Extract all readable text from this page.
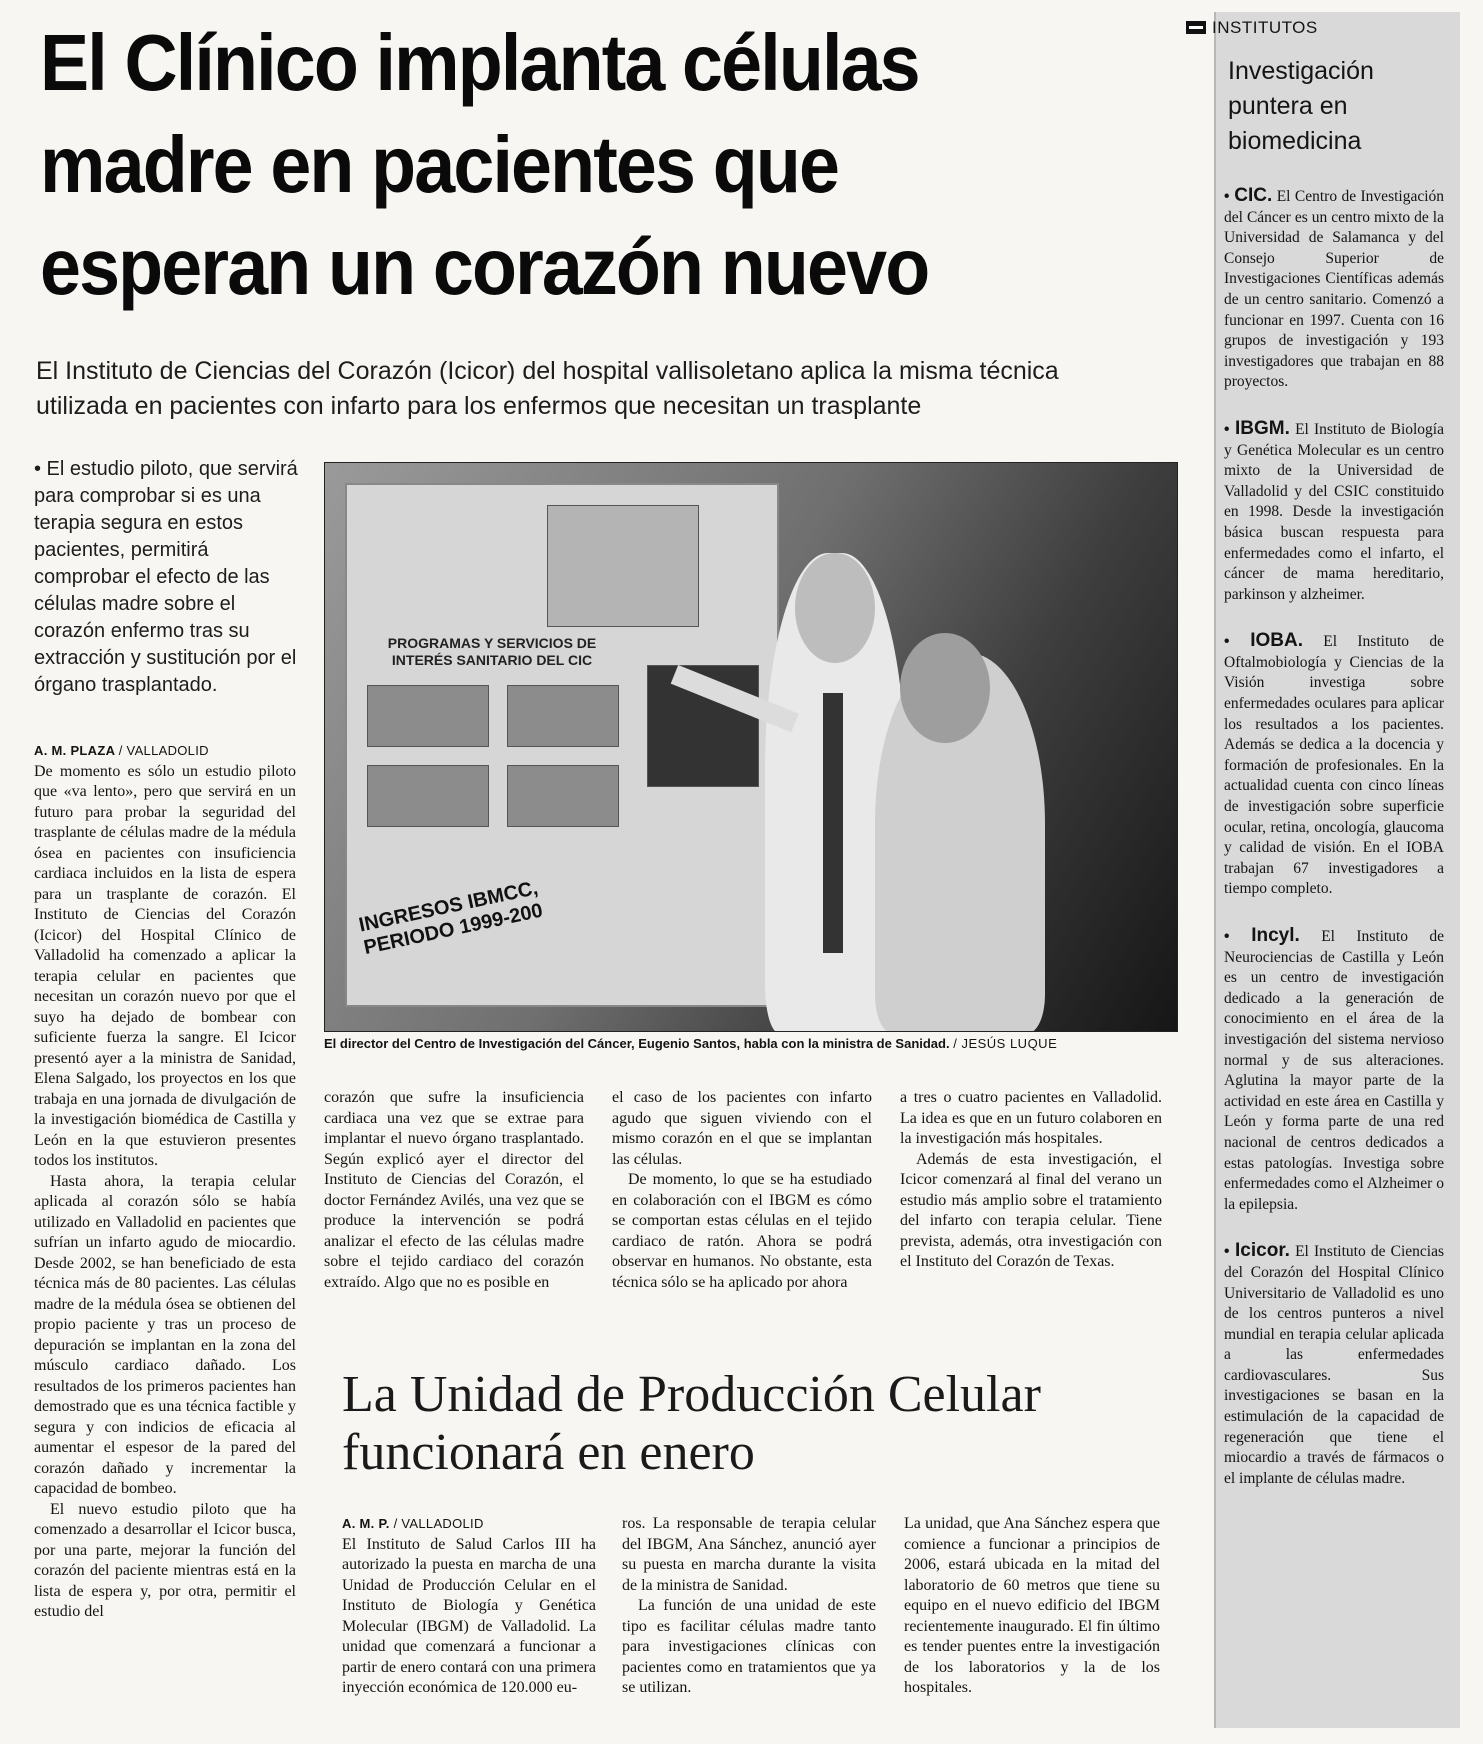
El Clínico implanta células madre en pacientes que esperan un corazón nuevo

El Instituto de Ciencias del Corazón (Icicor) del hospital vallisoletano aplica la misma técnica utilizada en pacientes con infarto para los enfermos que necesitan un trasplante

• El estudio piloto, que servirá para comprobar si es una terapia segura en estos pacientes, permitirá comprobar el efecto de las células madre sobre el corazón enfermo tras su extracción y sustitución por el órgano trasplantado.

A. M. PLAZA / VALLADOLID

De momento es sólo un estudio piloto que «va lento», pero que servirá en un futuro para probar la seguridad del trasplante de células madre de la médula ósea en pacientes con insuficiencia cardiaca incluidos en la lista de espera para un trasplante de corazón. El Instituto de Ciencias del Corazón (Icicor) del Hospital Clínico de Valladolid ha comenzado a aplicar la terapia celular en pacientes que necesitan un corazón nuevo por que el suyo ha dejado de bombear con suficiente fuerza la sangre. El Icicor presentó ayer a la ministra de Sanidad, Elena Salgado, los proyectos en los que trabaja en una jornada de divulgación de la investigación biomédica de Castilla y León en la que estuvieron presentes todos los institutos.

Hasta ahora, la terapia celular aplicada al corazón sólo se había utilizado en Valladolid en pacientes que sufrían un infarto agudo de miocardio. Desde 2002, se han beneficiado de esta técnica más de 80 pacientes. Las células madre de la médula ósea se obtienen del propio paciente y tras un proceso de depuración se implantan en la zona del músculo cardiaco dañado. Los resultados de los primeros pacientes han demostrado que es una técnica factible y segura y con indicios de eficacia al aumentar el espesor de la pared del corazón dañado y incrementar la capacidad de bombeo.

El nuevo estudio piloto que ha comenzado a desarrollar el Icicor busca, por una parte, mejorar la función del corazón del paciente mientras está en la lista de espera y, por otra, permitir el estudio del

PROGRAMAS Y SERVICIOS DE INTERÉS SANITARIO DEL CIC
INGRESOS IBMCC, PERIODO 1999-200

El director del Centro de Investigación del Cáncer, Eugenio Santos, habla con la ministra de Sanidad. / JESÚS LUQUE

corazón que sufre la insuficiencia cardiaca una vez que se extrae para implantar el nuevo órgano trasplantado. Según explicó ayer el director del Instituto de Ciencias del Corazón, el doctor Fernández Avilés, una vez que se produce la intervención se podrá analizar el efecto de las células madre sobre el tejido cardiaco del corazón extraído. Algo que no es posible en

el caso de los pacientes con infarto agudo que siguen viviendo con el mismo corazón en el que se implantan las células.

De momento, lo que se ha estudiado en colaboración con el IBGM es cómo se comportan estas células en el tejido cardiaco de ratón. Ahora se podrá observar en humanos. No obstante, esta técnica sólo se ha aplicado por ahora

a tres o cuatro pacientes en Valladolid. La idea es que en un futuro colaboren en la investigación más hospitales.

Además de esta investigación, el Icicor comenzará al final del verano un estudio más amplio sobre el tratamiento del infarto con terapia celular. Tiene prevista, además, otra investigación con el Instituto del Corazón de Texas.

La Unidad de Producción Celular funcionará en enero
A. M. P. / VALLADOLID

El Instituto de Salud Carlos III ha autorizado la puesta en marcha de una Unidad de Producción Celular en el Instituto de Biología y Genética Molecular (IBGM) de Valladolid. La unidad que comenzará a funcionar a partir de enero contará con una primera inyección económica de 120.000 eu-

ros. La responsable de terapia celular del IBGM, Ana Sánchez, anunció ayer su puesta en marcha durante la visita de la ministra de Sanidad.

La función de una unidad de este tipo es facilitar células madre tanto para investigaciones clínicas con pacientes como en tratamientos que ya se utilizan.

La unidad, que Ana Sánchez espera que comience a funcionar a principios de 2006, estará ubicada en la mitad del laboratorio de 60 metros que tiene su equipo en el nuevo edificio del IBGM recientemente inaugurado. El fin último es tender puentes entre la investigación de los laboratorios y la de los hospitales.

INSTITUTOS
Investigación puntera en biomedicina

• CIC. El Centro de Investigación del Cáncer es un centro mixto de la Universidad de Salamanca y del Consejo Superior de Investigaciones Científicas además de un centro sanitario. Comenzó a funcionar en 1997. Cuenta con 16 grupos de investigación y 193 investigadores que trabajan en 88 proyectos.

• IBGM. El Instituto de Biología y Genética Molecular es un centro mixto de la Universidad de Valladolid y del CSIC constituido en 1998. Desde la investigación básica buscan respuesta para enfermedades como el infarto, el cáncer de mama hereditario, parkinson y alzheimer.

• IOBA. El Instituto de Oftalmobiología y Ciencias de la Visión investiga sobre enfermedades oculares para aplicar los resultados a los pacientes. Además se dedica a la docencia y formación de profesionales. En la actualidad cuenta con cinco líneas de investigación sobre superficie ocular, retina, oncología, glaucoma y calidad de visión. En el IOBA trabajan 67 investigadores a tiempo completo.

• Incyl. El Instituto de Neurociencias de Castilla y León es un centro de investigación dedicado a la generación de conocimiento en el área de la investigación del sistema nervioso normal y de sus alteraciones. Aglutina la mayor parte de la actividad en este área en Castilla y León y forma parte de una red nacional de centros dedicados a estas patologías. Investiga sobre enfermedades como el Alzheimer o la epilepsia.

• Icicor. El Instituto de Ciencias del Corazón del Hospital Clínico Universitario de Valladolid es uno de los centros punteros a nivel mundial en terapia celular aplicada a las enfermedades cardiovasculares. Sus investigaciones se basan en la estimulación de la capacidad de regeneración que tiene el miocardio a través de fármacos o el implante de células madre.
